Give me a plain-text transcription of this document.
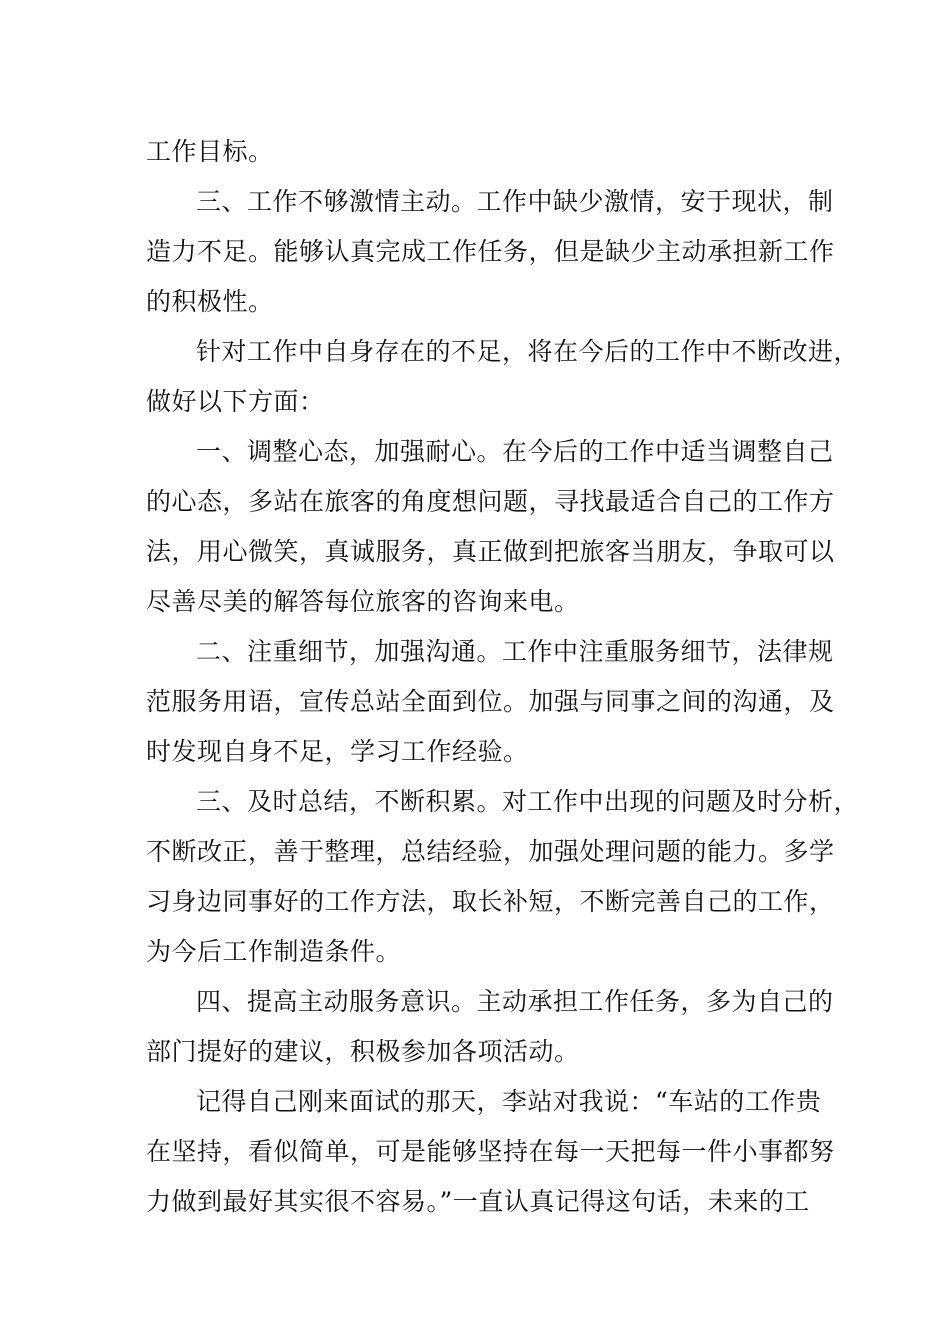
工作目标。
三、工作不够激情主动。工作中缺少激情，安于现状，制
造力不足。能够认真完成工作任务，但是缺少主动承担新工作
的积极性。
针对工作中自身存在的不足，将在今后的工作中不断改进，
做好以下方面：
一、调整心态，加强耐心。在今后的工作中适当调整自己
的心态，多站在旅客的角度想问题，寻找最适合自己的工作方
法，用心微笑，真诚服务，真正做到把旅客当朋友，争取可以
尽善尽美的解答每位旅客的咨询来电。
二、注重细节，加强沟通。工作中注重服务细节，法律规
范服务用语，宣传总站全面到位。加强与同事之间的沟通，及
时发现自身不足，学习工作经验。
三、及时总结，不断积累。对工作中出现的问题及时分析，
不断改正，善于整理，总结经验，加强处理问题的能力。多学
习身边同事好的工作方法，取长补短，不断完善自己的工作，
为今后工作制造条件。
四、提高主动服务意识。主动承担工作任务，多为自己的
部门提好的建议，积极参加各项活动。
记得自己刚来面试的那天，李站对我说：“车站的工作贵
在坚持，看似简单，可是能够坚持在每一天把每一件小事都努
力做到最好其实很不容易。”一直认真记得这句话，未来的工
